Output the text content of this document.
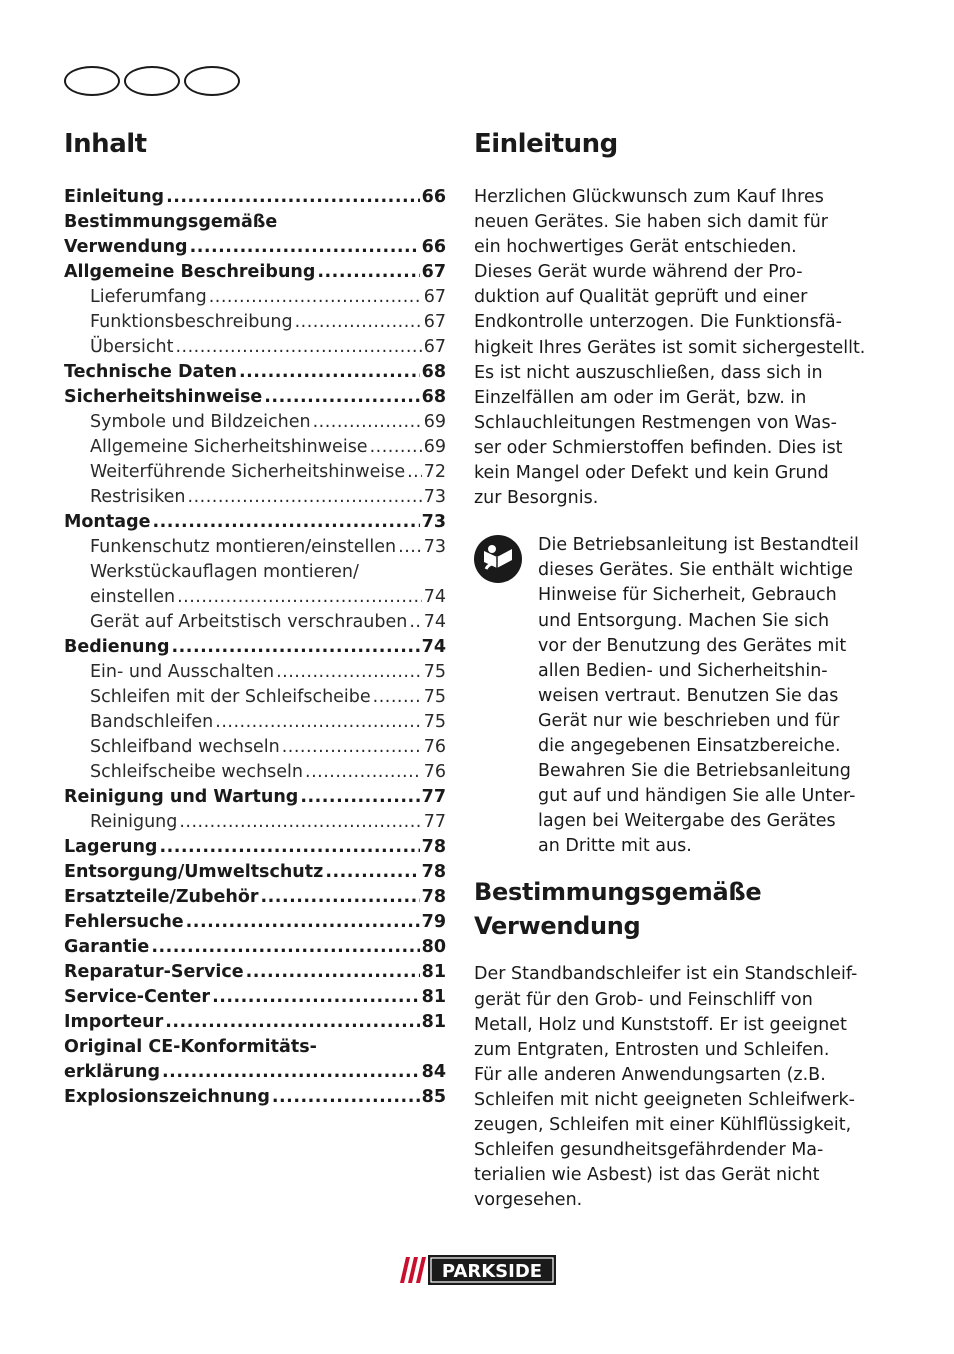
Inhalt
Einleitung .....	66
Bestimmungsgemäße
Verwendung .....	66
Allgemeine Beschreibung .....	67
Lieferumfang .....	67
Funktionsbeschreibung .....	67
Übersicht .....	67
Technische Daten .....	68
Sicherheitshinweise .....	68
Symbole und Bildzeichen .....	69
Allgemeine Sicherheitshinweise .....	69
Weiterführende Sicherheitshinweise ..... 72
Restrisiken .....	73
Montage .....	73
Funkenschutz montieren/einstellen ..... 73
Werkstückauflagen montieren/
einstellen .....	74
Gerät auf Arbeitstisch verschrauben ..... 74
Bedienung .....	74
Ein- und Ausschalten .....	75
Schleifen mit der Schleifscheibe .....	75
Bandschleifen .....	75
Schleifband wechseln .....	76
Schleifscheibe wechseln .....	76
Reinigung und Wartung .....	77
Reinigung .....	77
Lagerung .....	78
Entsorgung/Umweltschutz .....	78
Ersatzteile/Zubehör .....	78
Fehlersuche .....	79
Garantie .....	80
Reparatur-Service .....	81
Service-Center .....	81
Importeur .....	81
Original CE-Konformitäts-
erklärung .....	84
Explosionszeichnung .....	85
Einleitung

Herzlichen Glückwunsch zum Kauf Ihres

neuen Gerätes. Sie haben sich damit für

ein hochwertiges Gerät entschieden.

Dieses Gerät wurde während der Pro-

duktion auf Qualität geprüft und einer

Endkontrolle unterzogen. Die Funktionsfä-

higkeit Ihres Gerätes ist somit sichergestellt.

Es ist nicht auszuschließen, dass sich in

Einzelfällen am oder im Gerät, bzw. in

Schlauchleitungen Restmengen von Was-

ser oder Schmierstoffen befinden. Dies ist

kein Mangel oder Defekt und kein Grund

zur Besorgnis.

Die Betriebsanleitung ist Bestandteil

dieses Gerätes. Sie enthält wichtige

Hinweise für Sicherheit, Gebrauch

und Entsorgung. Machen Sie sich

vor der Benutzung des Gerätes mit

allen Bedien- und Sicherheitshin-

weisen vertraut. Benutzen Sie das

Gerät nur wie beschrieben und für

die angegebenen Einsatzbereiche.

Bewahren Sie die Betriebsanleitung

gut auf und händigen Sie alle Unter-

lagen bei Weitergabe des Gerätes

an Dritte mit aus.

Bestimmungsgemäße
Verwendung

Der Standbandschleifer ist ein Standschleif-

gerät für den Grob- und Feinschliff von

Metall, Holz und Kunststoff. Er ist geeignet

zum Entgraten, Entrosten und Schleifen.

Für alle anderen Anwendungsarten (z.B.

Schleifen mit nicht geeigneten Schleifwerk-

zeugen, Schleifen mit einer Kühlflüssigkeit,

Schleifen gesundheitsgefährdender Ma-

terialien wie Asbest) ist das Gerät nicht

vorgesehen.

PARKSIDE
